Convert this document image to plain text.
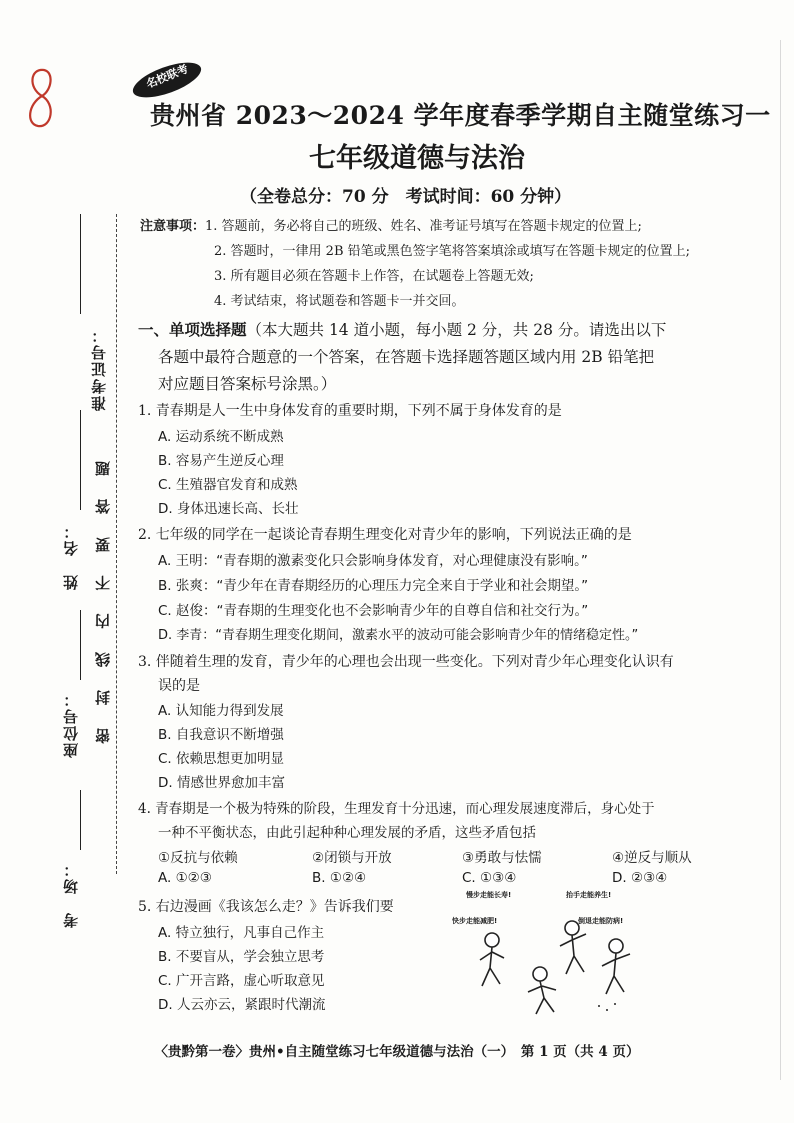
名校联考
贵州省 2023～2024 学年度春季学期自主随堂练习一
七年级道德与法治
（全卷总分：70 分　考试时间：60 分钟）
注意事项：1. 答题前，务必将自己的班级、姓名、准考证号填写在答题卡规定的位置上;
2. 答题时，一律用 2B 铅笔或黑色签字笔将答案填涂或填写在答题卡规定的位置上;
3. 所有题目必须在答题卡上作答，在试题卷上答题无效;
4. 考试结束，将试题卷和答题卡一并交回。
一、单项选择题（本大题共 14 道小题，每小题 2 分，共 28 分。请选出以下
各题中最符合题意的一个答案，在答题卡选择题答题区域内用 2B 铅笔把
对应题目答案标号涂黑。）
1. 青春期是人一生中身体发育的重要时期，下列不属于身体发育的是
A. 运动系统不断成熟
B. 容易产生逆反心理
C. 生殖器官发育和成熟
D. 身体迅速长高、长壮
2. 七年级的同学在一起谈论青春期生理变化对青少年的影响，下列说法正确的是
A. 王明：“青春期的激素变化只会影响身体发育，对心理健康没有影响。”
B. 张爽：“青少年在青春期经历的心理压力完全来自于学业和社会期望。”
C. 赵俊：“青春期的生理变化也不会影响青少年的自尊自信和社交行为。”
D. 李青：“青春期生理变化期间，激素水平的波动可能会影响青少年的情绪稳定性。”
3. 伴随着生理的发育，青少年的心理也会出现一些变化。下列对青少年心理变化认识有
误的是
A. 认知能力得到发展
B. 自我意识不断增强
C. 依赖思想更加明显
D. 情感世界愈加丰富
4. 青春期是一个极为特殊的阶段，生理发育十分迅速，而心理发展速度滞后，身心处于
一种不平衡状态，由此引起种种心理发展的矛盾，这些矛盾包括
①反抗与依赖	②闭锁与开放	③勇敢与怯懦	④逆反与顺从
A. ①②③	B. ①②④	C. ①③④	D. ②③④
5. 右边漫画《我该怎么走？》告诉我们要
A. 特立独行，凡事自己作主
B. 不要盲从，学会独立思考
C. 广开言路，虚心听取意见
D. 人云亦云，紧跟时代潮流
慢步走能长寿!	抬手走能养生!
快步走能减肥!	倒退走能防病!
准考证号：
姓　名：
座位号：
考　场：
密 封 线 内 不 要 答 题
〈贵黔第一卷〉贵州•自主随堂练习七年级道德与法治（一）　第 1 页（共 4 页）
